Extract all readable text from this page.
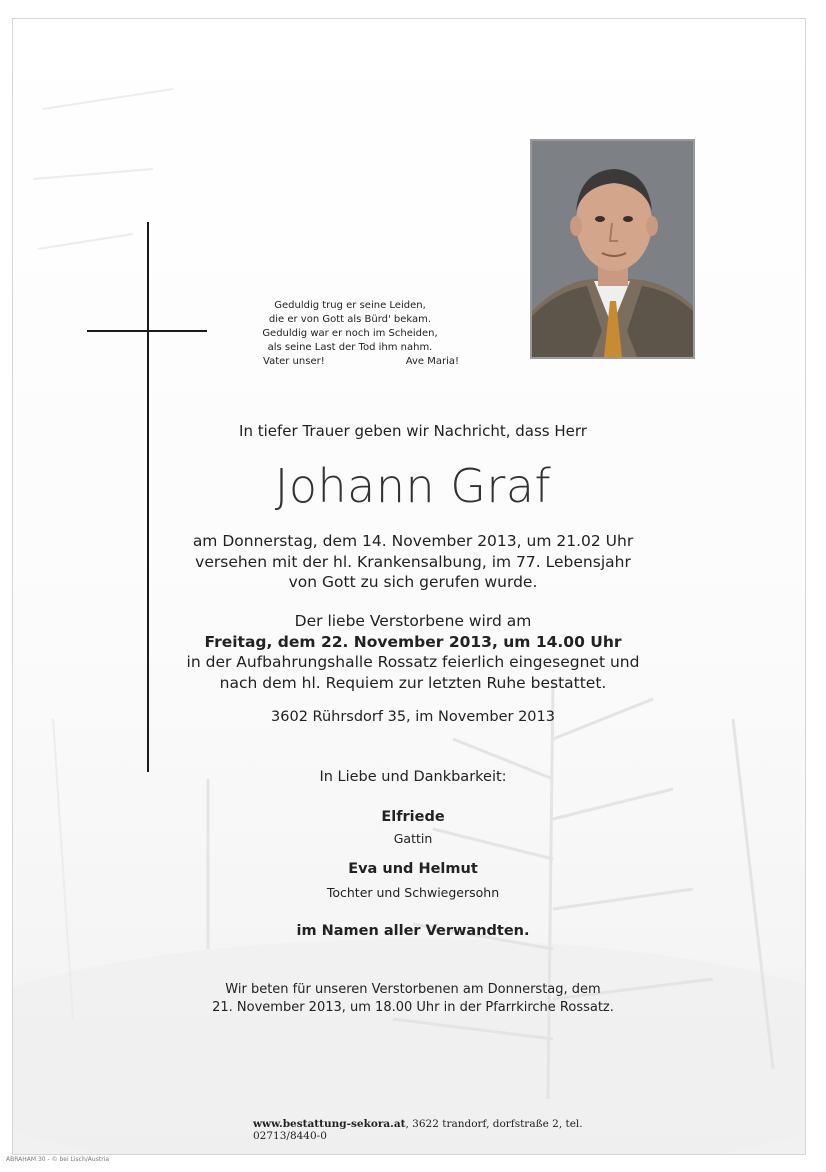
Geduldig trug er seine Leiden,
die er von Gott als Bürd' bekam.
Geduldig war er noch im Scheiden,
als seine Last der Tod ihm nahm.
Vater unser!	Ave Maria!
In tiefer Trauer geben wir Nachricht, dass Herr
Johann Graf
am Donnerstag, dem 14. November 2013, um 21.02 Uhr
versehen mit der hl. Krankensalbung, im 77. Lebensjahr
von Gott zu sich gerufen wurde.
Der liebe Verstorbene wird am
Freitag, dem 22. November 2013, um 14.00 Uhr
in der Aufbahrungshalle Rossatz feierlich eingesegnet und
nach dem hl. Requiem zur letzten Ruhe bestattet.
3602 Rührsdorf 35, im November 2013
In Liebe und Dankbarkeit:
Elfriede
Gattin
Eva und Helmut
Tochter und Schwiegersohn
im Namen aller Verwandten.
Wir beten für unseren Verstorbenen am Donnerstag, dem
21. November 2013, um 18.00 Uhr in der Pfarrkirche Rossatz.
www.bestattung-sekora.at, 3622 trandorf, dorfstraße 2, tel. 02713/8440-0
ABRAHAM 30 - © bei Lisch/Austria
